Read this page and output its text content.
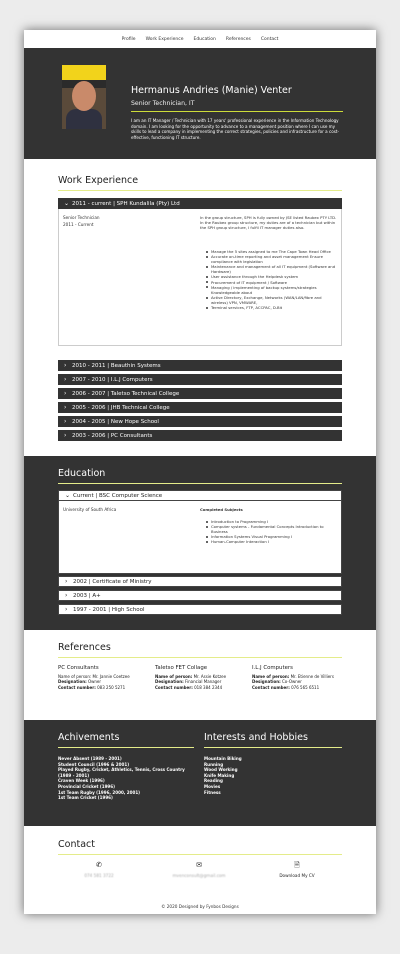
Profile Work Experience Education References Contact
Hermanus Andries (Manie) Venter
Senior Technician, IT
I am an IT Manager / Technician with 17 years' professional experience in the Information Technology domain. I am looking for the opportunity to advance to a management position where I can use my skills to lead a company in implementing the correct strategies, policies and infrastructure for a cost-effective, functioning IT structure.
Work Experience
⌄ 2011 - current | SPH Kundalila (Pty) Ltd
Senior Technician
2011 - Current
In the group structure, SPH is fully owned by JSE listed Raubex PTY LTD. In the Raubex group structure, my duties are of a technician but within the SPH group structure, I fulfil IT manager duties also.
Manage the 5 sites assigned to me The Cape Town Head Office
Accurate on-time reporting and asset management Ensure compliance with legislation
Maintenance and management of all IT equipment (Software and Hardware)
User assistance through the Helpdesk system
Procurement of IT equipment / Software
Managing / implementing of backup systems/strategies Knowledgeable about
Active Directory, Exchange, Networks (WAN/LAN/fibre and wireless) VPN, VMWARE,
Terminal services, FTP, ACCPAC, D-Bit
›	2010 - 2011 | Beauthin Systems
›	2007 - 2010 | I.L.J Computers
›	2006 - 2007 | Taletso Technical College
›	2005 - 2006 | JHB Technical College
›	2004 - 2005 | New Hope School
›	2003 - 2006 | PC Consultants
Education
⌄ Current | BSC Computer Science
University of South Africa	Completed Subjects
Introduction to Programming I
Computer systems - Fundamental Concepts Introduction to Business
Information Systems Visual Programming I
Human-Computer Interaction I
›	2002 | Certificate of Ministry
›	2003 | A+
›	1997 - 2001 | High School
References
PC Consultants
Name of person: Mr. Jannie Coetzee
Designation: Owner
Contact number: 083 250 5271
Taletso FET Collage
Name of person: Mr. Assie Kotzee
Designation: Financial Manager
Contact number: 018 384 2344
I.L.J Computers
Name of person: Mr. Etienne de Villiers
Designation: Co-Owner
Contact number: 076 565 6511
Achivements
Never Absent (1989 - 2001)
Student Council (1996 & 2001)
Played Rugby, Cricket, Athletics, Tennis, Cross Country (1989 - 2001)
Craven Week (1996)
Provincial Cricket (1996)
1st Team Rugby (1996, 2000, 2001)
1st Team Cricket (1996)
Interests and Hobbies
Mountain Biking
Running
Wood Working
Knife Making
Reading
Movies
Fitness
Contact
✆
074 581 3722
✉
mvenconsult@gmail.com
🗎
Download My CV
© 2020 Designed by Fynbos Designs
